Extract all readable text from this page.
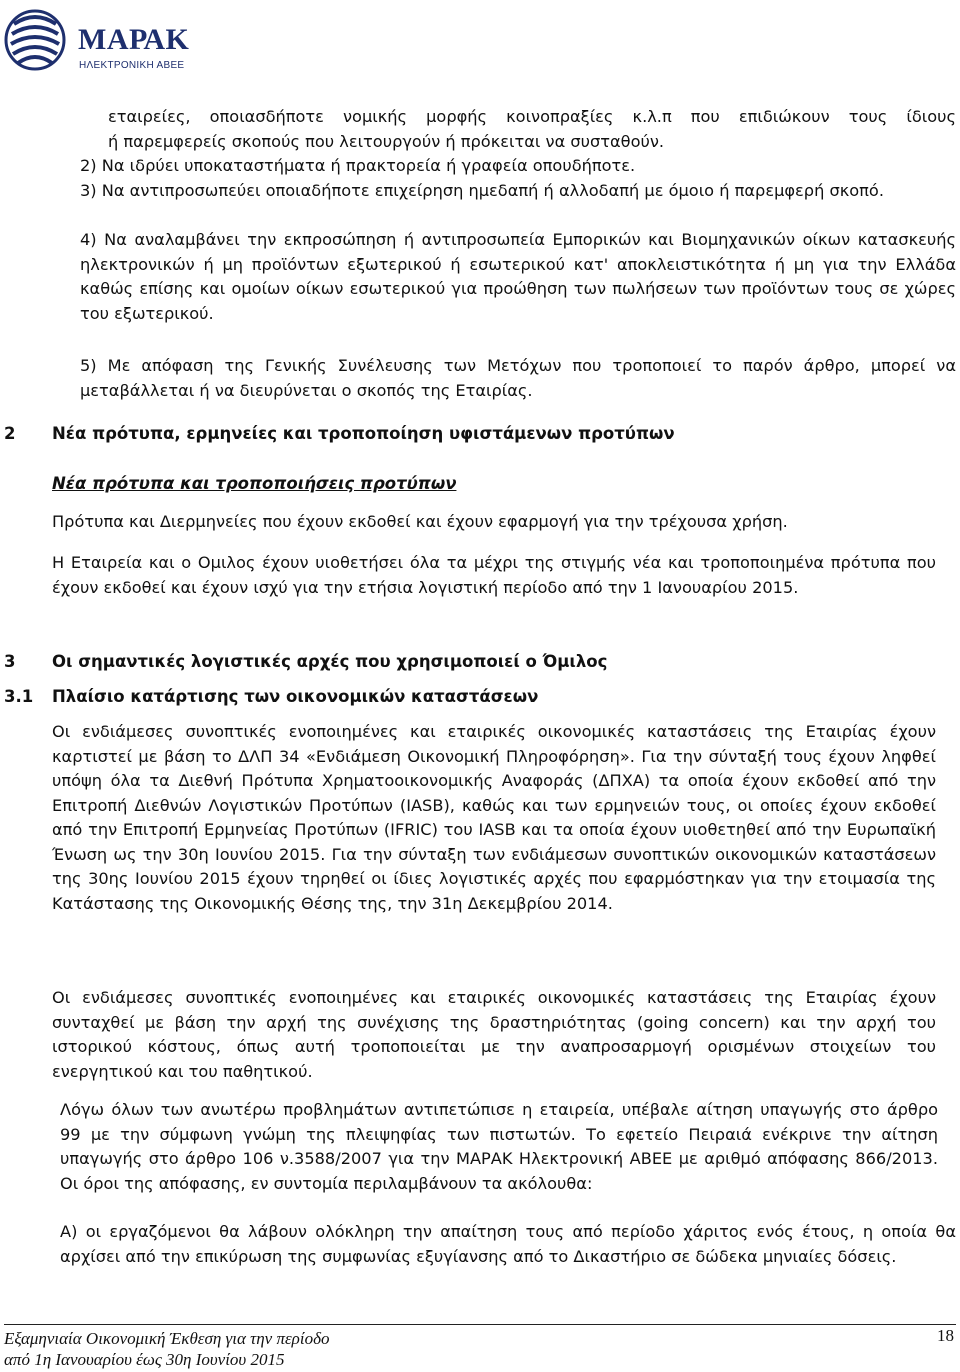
ΜΑΡΑΚ
ΗΛΕΚΤΡΟΝΙΚΗ ΑΒΕΕ
εταιρείες, οποιασδήποτε νομικής μορφής κοινοπραξίες κ.λ.π που επιδιώκουν τους ίδιους
ή παρεμφερείς σκοπούς που λειτουργούν ή πρόκειται να συσταθούν.
2) Να ιδρύει υποκαταστήματα ή πρακτορεία ή γραφεία οπουδήποτε.
3) Να αντιπροσωπεύει οποιαδήποτε επιχείρηση ημεδαπή ή αλλοδαπή με όμοιο ή παρεμφερή σκοπό.
4) Να αναλαμβάνει την εκπροσώπηση ή αντιπροσωπεία Εμπορικών και Βιομηχανικών οίκων κατασκευής ηλεκτρονικών ή μη προϊόντων εξωτερικού ή εσωτερικού κατ' αποκλειστικότητα ή μη για την Ελλάδα καθώς επίσης και ομοίων οίκων εσωτερικού για προώθηση των πωλήσεων των προϊόντων τους σε χώρες του εξωτερικού.
5) Με απόφαση της Γενικής Συνέλευσης των Μετόχων που τροποποιεί το παρόν άρθρο, μπορεί να μεταβάλλεται ή να διευρύνεται ο σκοπός της Εταιρίας.
2 Νέα πρότυπα, ερμηνείες και τροποποίηση υφιστάμενων προτύπων
Νέα πρότυπα και τροποποιήσεις προτύπων
Πρότυπα και Διερμηνείες που έχουν εκδοθεί και έχουν εφαρμογή για την τρέχουσα χρήση.
Η Εταιρεία και ο Ομιλος έχουν υιοθετήσει όλα τα μέχρι της στιγμής νέα και τροποποιημένα πρότυπα που έχουν εκδοθεί και έχουν ισχύ για την ετήσια λογιστική περίοδο από την 1 Ιανουαρίου 2015.
3 Οι σημαντικές λογιστικές αρχές που χρησιμοποιεί ο Όμιλος
3.1 Πλαίσιο κατάρτισης των οικονομικών καταστάσεων
Οι ενδιάμεσες συνοπτικές ενοποιημένες και εταιρικές οικονομικές καταστάσεις της Εταιρίας έχουν καρτιστεί με βάση το ΔΛΠ 34 «Ενδιάμεση Οικονομική Πληροφόρηση». Για την σύνταξή τους έχουν ληφθεί υπόψη όλα τα Διεθνή Πρότυπα Χρηματοοικονομικής Αναφοράς (ΔΠΧΑ) τα οποία έχουν εκδοθεί από την Επιτροπή Διεθνών Λογιστικών Προτύπων (IASB), καθώς και των ερμηνειών τους, οι οποίες έχουν εκδοθεί από την Επιτροπή Ερμηνείας Προτύπων (IFRIC) του IASB και τα οποία έχουν υιοθετηθεί από την Ευρωπαϊκή Ένωση ως την 30η Ιουνίου 2015. Για την σύνταξη των ενδιάμεσων συνοπτικών οικονομικών καταστάσεων της 30ης Ιουνίου 2015 έχουν τηρηθεί οι ίδιες λογιστικές αρχές που εφαρμόστηκαν για την ετοιμασία της Κατάστασης της Οικονομικής Θέσης της, την 31η Δεκεμβρίου 2014.
Οι ενδιάμεσες συνοπτικές ενοποιημένες και εταιρικές οικονομικές καταστάσεις της Εταιρίας έχουν συνταχθεί με βάση την αρχή της συνέχισης της δραστηριότητας (going concern) και την αρχή του ιστορικού κόστους, όπως αυτή τροποποιείται με την αναπροσαρμογή ορισμένων στοιχείων του ενεργητικού και του παθητικού.
Λόγω όλων των ανωτέρω προβλημάτων αντιπετώπισε η εταιρεία, υπέβαλε αίτηση υπαγωγής στο άρθρο 99 με την σύμφωνη γνώμη της πλειψηφίας των πιστωτών. Το εφετείο Πειραιά ενέκρινε την αίτηση υπαγωγής στο άρθρο 106 ν.3588/2007 για την ΜΑΡΑΚ Ηλεκτρονική ΑΒΕΕ με αριθμό απόφασης 866/2013. Οι όροι της απόφασης, εν συντομία περιλαμβάνουν τα ακόλουθα:
Α) οι εργαζόμενοι θα λάβουν ολόκληρη την απαίτηση τους από περίοδο χάριτος ενός έτους, η οποία θα αρχίσει από την επικύρωση της συμφωνίας εξυγίανσης από το Δικαστήριο σε δώδεκα μηνιαίες δόσεις.
Εξαμηνιαία Οικονομική Έκθεση για την περίοδο
από 1η Ιανουαρίου έως 30η Ιουνίου 2015
18
